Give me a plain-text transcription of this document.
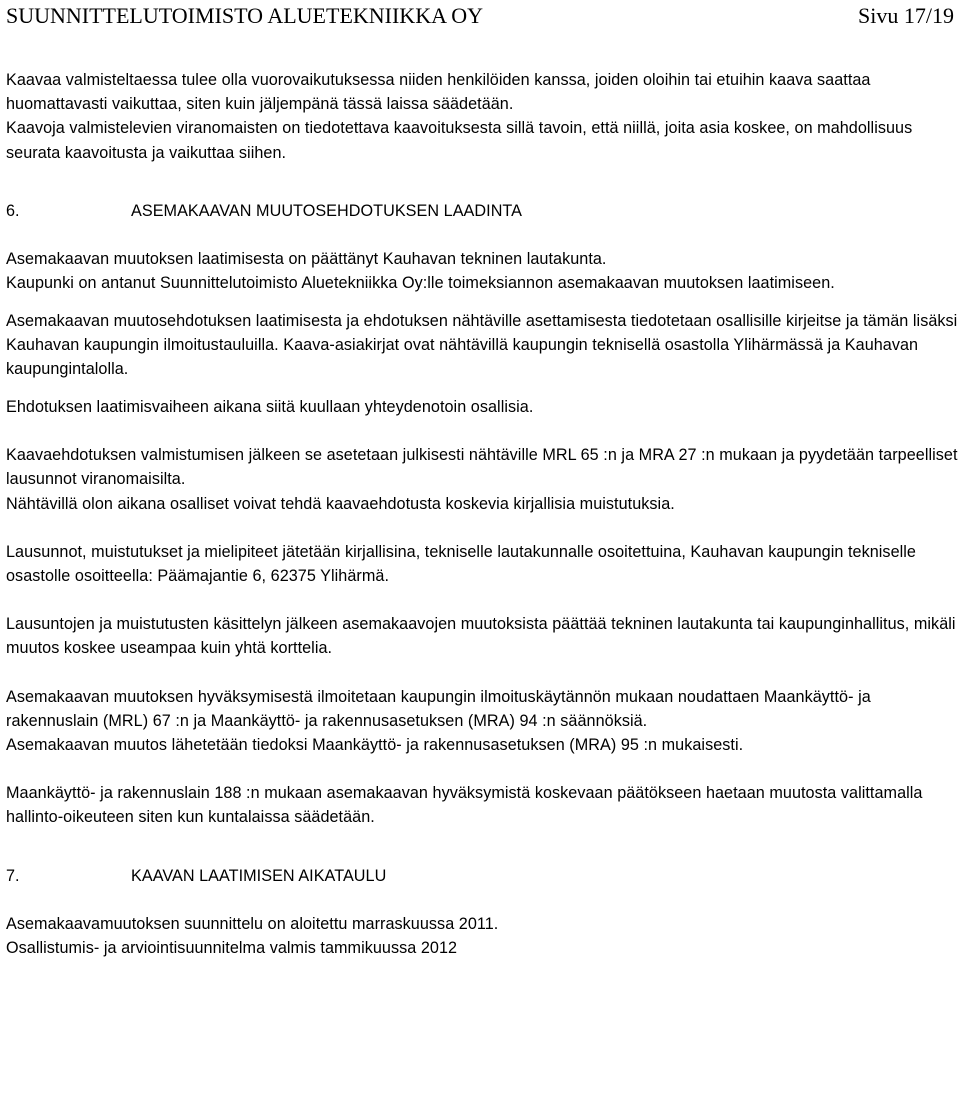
SUUNNITTELUTOIMISTO ALUETEKNIIKKA OY	Sivu 17/19

Kaavaa valmisteltaessa tulee olla vuorovaikutuksessa niiden henkilöiden kanssa, joiden oloihin tai etuihin kaava saattaa huomattavasti vaikuttaa, siten kuin jäljempänä tässä laissa säädetään.
Kaavoja valmistelevien viranomaisten on tiedotettava kaavoituksesta sillä tavoin, että niillä, joita asia koskee, on mahdollisuus seurata kaavoitusta ja vaikuttaa siihen.

6.	ASEMAKAAVAN MUUTOSEHDOTUKSEN LAADINTA

Asemakaavan muutoksen laatimisesta on päättänyt Kauhavan tekninen lautakunta.
Kaupunki on antanut Suunnittelutoimisto Aluetekniikka Oy:lle toimeksiannon asemakaavan muutoksen laatimiseen.

Asemakaavan muutosehdotuksen laatimisesta ja ehdotuksen nähtäville asettamisesta tiedotetaan osallisille kirjeitse ja tämän lisäksi Kauhavan kaupungin ilmoitustauluilla. Kaava-asiakirjat ovat nähtävillä kaupungin teknisellä osastolla Ylihärmässä ja Kauhavan kaupungintalolla.

Ehdotuksen laatimisvaiheen aikana siitä kuullaan yhteydenotoin osallisia.

Kaavaehdotuksen valmistumisen jälkeen se asetetaan julkisesti nähtäville MRL 65 :n ja MRA 27 :n mukaan ja pyydetään tarpeelliset lausunnot viranomaisilta.
Nähtävillä olon aikana osalliset voivat tehdä kaavaehdotusta koskevia kirjallisia muistutuksia.

Lausunnot, muistutukset ja mielipiteet jätetään kirjallisina, tekniselle lautakunnalle osoitettuina, Kauhavan kaupungin tekniselle osastolle osoitteella: Päämajantie 6, 62375 Ylihärmä.

Lausuntojen ja muistutusten käsittelyn jälkeen asemakaavojen muutoksista päättää tekninen lautakunta tai kaupunginhallitus, mikäli muutos koskee useampaa kuin yhtä korttelia.

Asemakaavan muutoksen hyväksymisestä ilmoitetaan kaupungin ilmoituskäytännön mukaan noudattaen Maankäyttö- ja rakennuslain (MRL) 67 :n ja Maankäyttö- ja rakennusasetuksen (MRA) 94 :n säännöksiä.
Asemakaavan muutos lähetetään tiedoksi Maankäyttö- ja rakennusasetuksen (MRA) 95 :n mukaisesti.

Maankäyttö- ja rakennuslain 188 :n mukaan asemakaavan hyväksymistä koskevaan päätökseen haetaan muutosta valittamalla hallinto-oikeuteen siten kun kuntalaissa säädetään.

7.	KAAVAN LAATIMISEN AIKATAULU

Asemakaavamuutoksen suunnittelu on aloitettu marraskuussa 2011.
Osallistumis- ja arviointisuunnitelma valmis tammikuussa 2012
